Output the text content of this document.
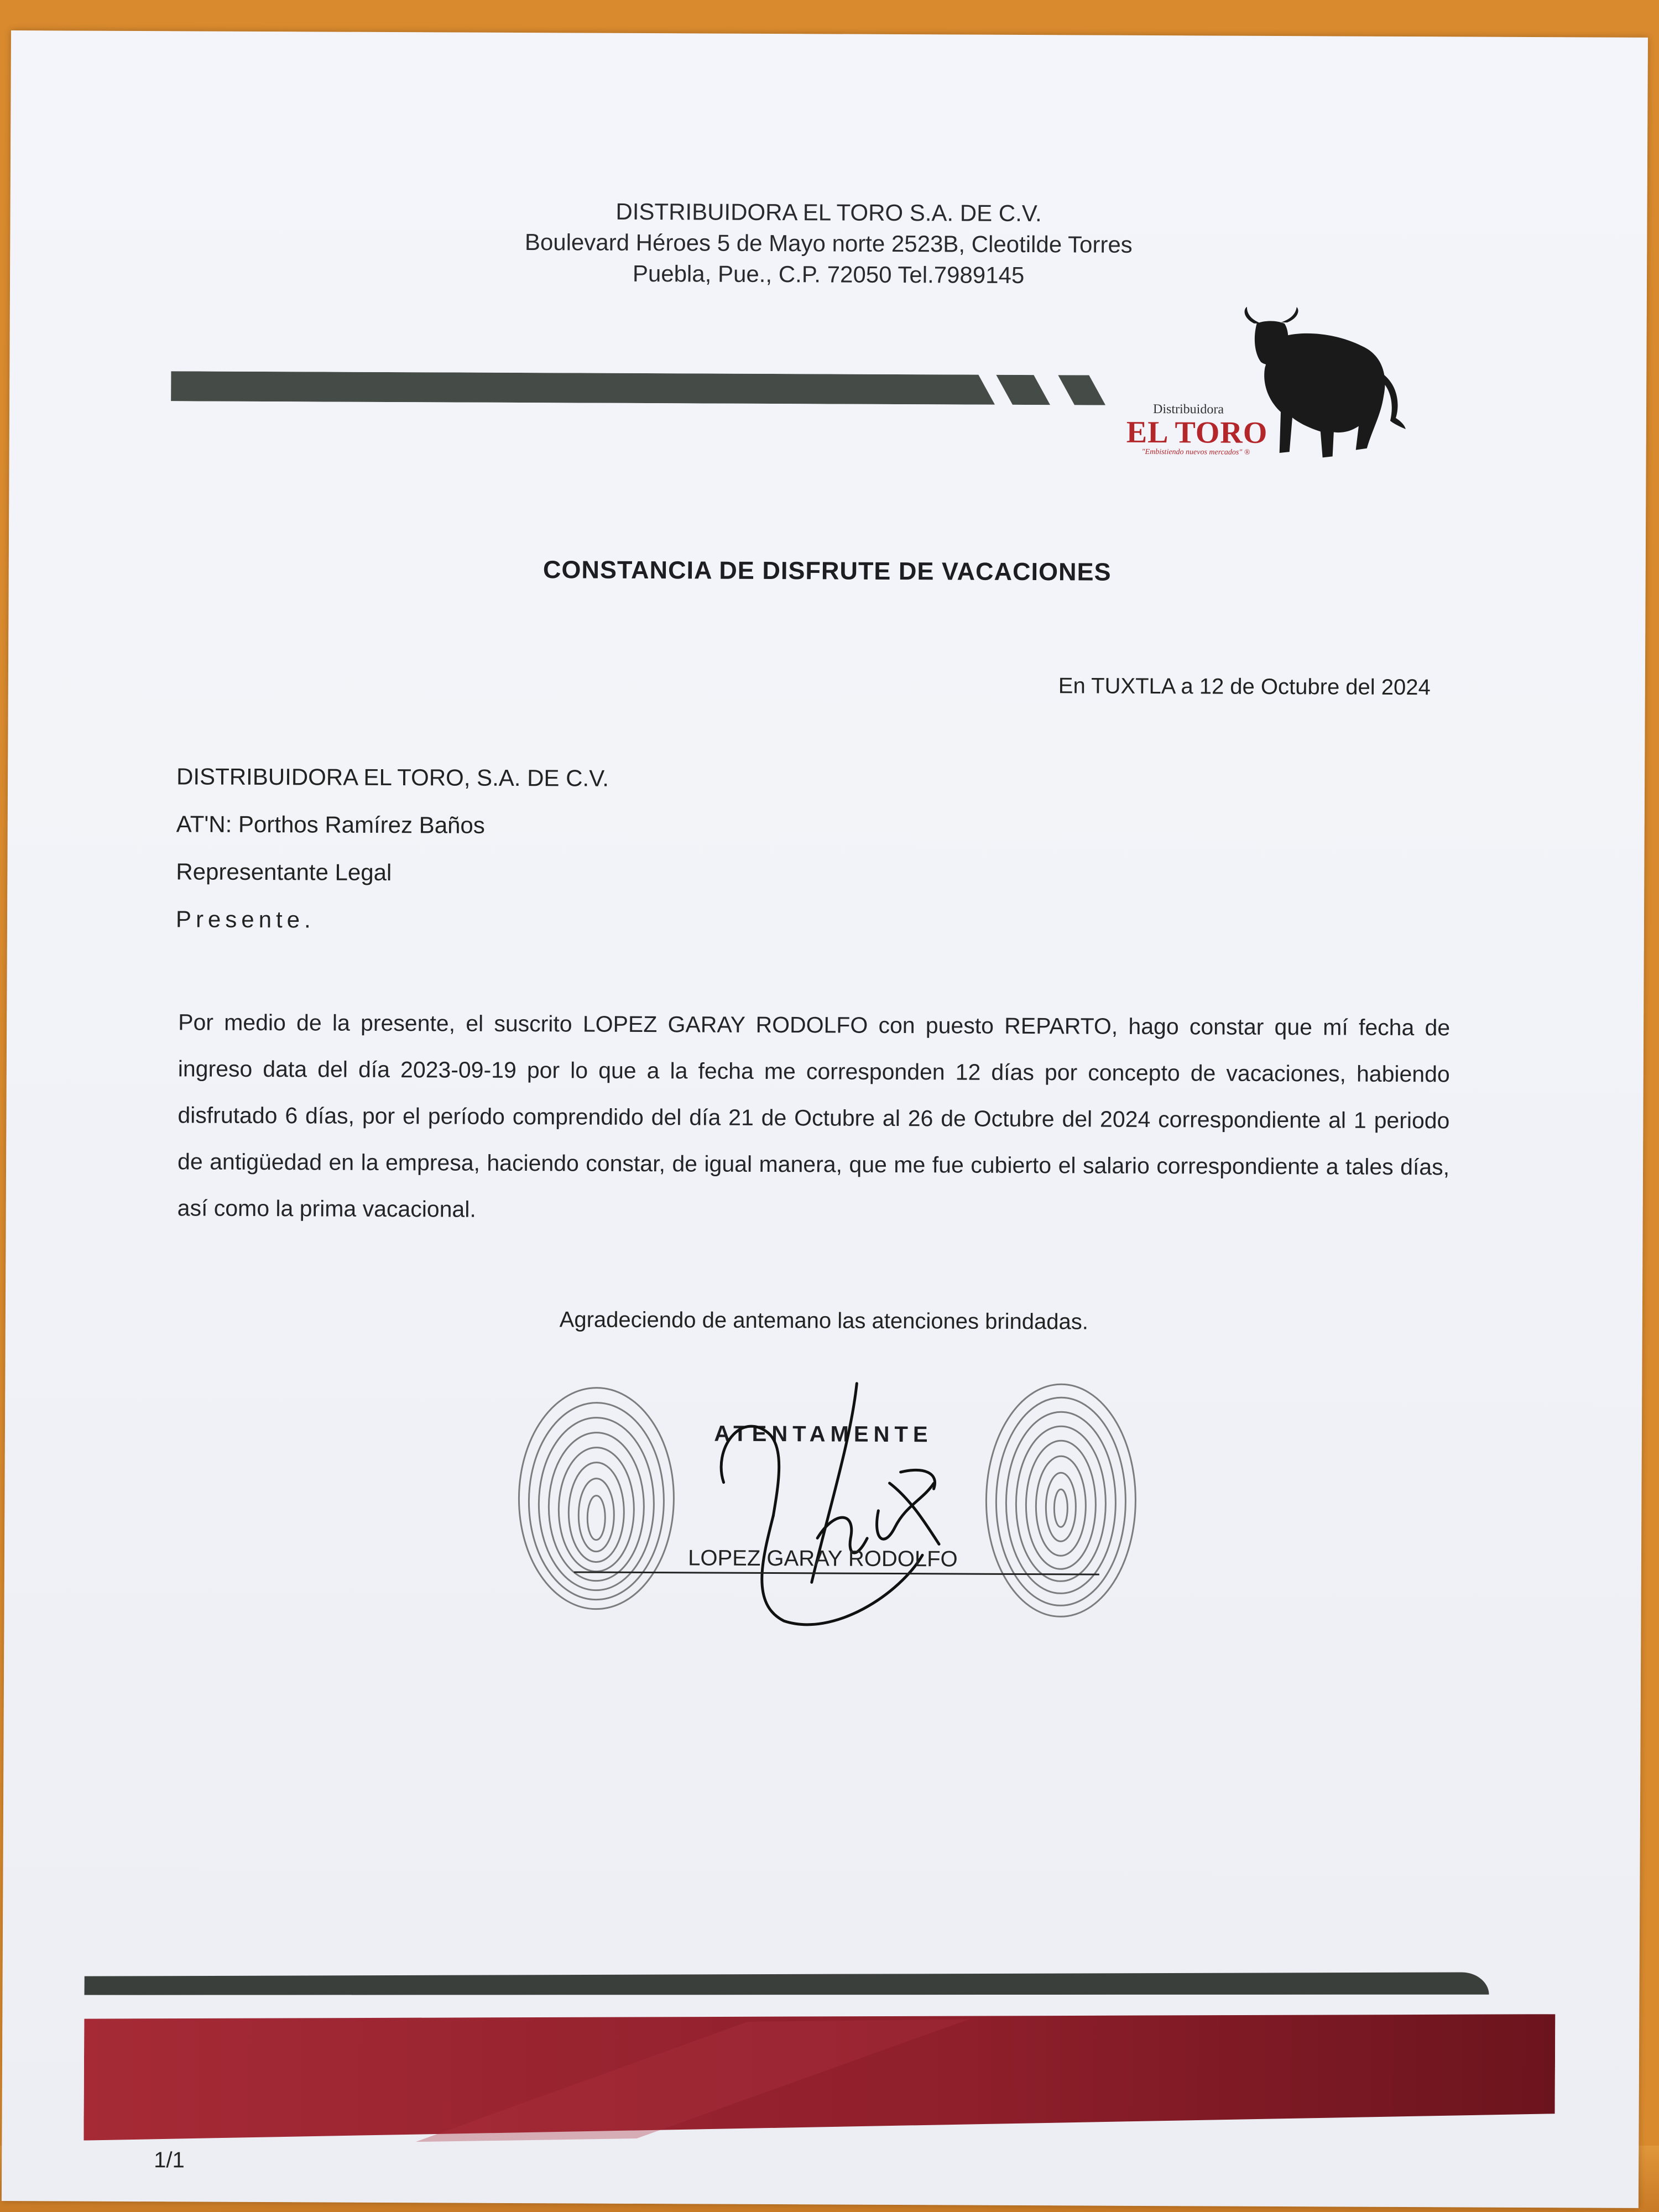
DISTRIBUIDORA EL TORO S.A. DE C.V.
Boulevard Héroes 5 de Mayo norte 2523B, Cleotilde Torres
Puebla, Pue., C.P. 72050 Tel.7989145
Distribuidora
EL TORO
"Embistiendo nuevos mercados" ®
CONSTANCIA DE DISFRUTE DE VACACIONES
En TUXTLA a 12 de Octubre del 2024
DISTRIBUIDORA EL TORO, S.A. DE C.V.
AT'N: Porthos Ramírez Baños
Representante Legal
Presente.
Por medio de la presente, el suscrito LOPEZ GARAY RODOLFO con puesto REPARTO, hago constar que mí fecha de ingreso data del día 2023-09-19 por lo que a la fecha me corresponden 12 días por concepto de vacaciones, habiendo disfrutado 6 días, por el período comprendido del día 21 de Octubre al 26 de Octubre del 2024 correspondiente al 1 periodo de antigüedad en la empresa, haciendo constar, de igual manera, que me fue cubierto el salario correspondiente a tales días, así como la prima vacacional.
Agradeciendo de antemano las atenciones brindadas.
ATENTAMENTE
LOPEZ GARAY RODOLFO
1/1
